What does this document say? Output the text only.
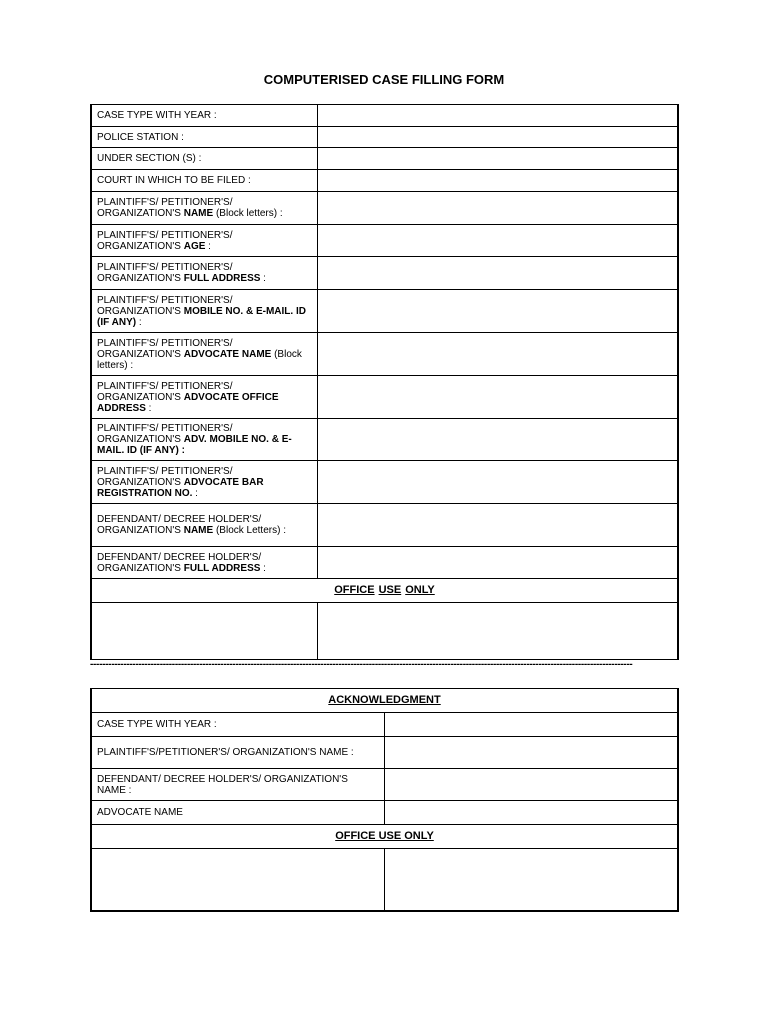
COMPUTERISED CASE FILLING FORM
CASE TYPE WITH YEAR :	
POLICE STATION :	
UNDER SECTION (S) :	
COURT IN WHICH TO BE FILED :	
PLAINTIFF'S/ PETITIONER'S/ ORGANIZATION'S NAME (Block letters) :	
PLAINTIFF'S/ PETITIONER'S/ ORGANIZATION'S AGE :	
PLAINTIFF'S/ PETITIONER'S/ ORGANIZATION'S FULL ADDRESS :	
PLAINTIFF'S/ PETITIONER'S/ ORGANIZATION'S MOBILE NO. & E-MAIL. ID (IF ANY) :	
PLAINTIFF'S/ PETITIONER'S/ ORGANIZATION'S ADVOCATE NAME (Block letters) :	
PLAINTIFF'S/ PETITIONER'S/ ORGANIZATION'S ADVOCATE OFFICE ADDRESS :	
PLAINTIFF'S/ PETITIONER'S/ ORGANIZATION'S ADV. MOBILE NO. & E-MAIL. ID (IF ANY) :	
PLAINTIFF'S/ PETITIONER'S/ ORGANIZATION'S ADVOCATE BAR REGISTRATION NO. :	
DEFENDANT/ DECREE HOLDER'S/ ORGANIZATION'S NAME (Block Letters) :	
DEFENDANT/ DECREE HOLDER'S/ ORGANIZATION'S FULL ADDRESS :	
OFFICE USE ONLY	

-----------------------------------------------------------------------------------------------------------------------------------------------------------------------------------
ACKNOWLEDGMENT	
CASE TYPE WITH YEAR :	
PLAINTIFF'S/PETITIONER'S/ ORGANIZATION'S NAME :	
DEFENDANT/ DECREE HOLDER'S/ ORGANIZATION'S NAME :	
ADVOCATE NAME	
OFFICE USE ONLY	
